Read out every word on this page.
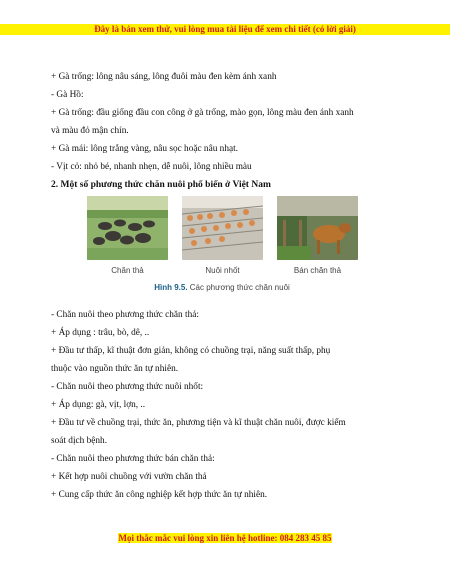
Đây là bản xem thử, vui lòng mua tài liệu để xem chi tiết (có lời giải)
+ Gà trống: lông nâu sáng, lông đuôi màu đen kèm ánh xanh
- Gà Hồ:
+ Gà trống: đầu giống đầu con công ở gà trống, mào gọn, lông màu đen ánh xanh
và màu đỏ mận chín.
+ Gà mái: lông trắng vàng, nâu sọc hoặc nâu nhạt.
- Vịt cỏ: nhỏ bé, nhanh nhẹn, dễ nuôi, lông nhiều màu
2. Một số phương thức chăn nuôi phổ biến ở Việt Nam
Chăn thả	Nuôi nhốt	Bán chăn thả
Hình 9.5. Các phương thức chăn nuôi
- Chăn nuôi theo phương thức chăn thả:
+ Áp dụng : trâu, bò, dê, ..
+ Đầu tư thấp, kĩ thuật đơn giản, không có chuồng trại, năng suất thấp, phụ
thuộc vào nguồn thức ăn tự nhiên.
- Chăn nuôi theo phương thức nuôi nhốt:
+ Áp dụng: gà, vịt, lợn, ..
+ Đầu tư về chuồng trại, thức ăn, phương tiện và kĩ thuật chăn nuôi, được kiểm
soát dịch bệnh.
- Chăn nuôi theo phương thức bán chăn thả:
+ Kết hợp nuôi chuồng với vườn chăn thả
+ Cung cấp thức ăn công nghiệp kết hợp thức ăn tự nhiên.
Mọi thắc mắc vui lòng xin liên hệ hotline: 084 283 45 85
